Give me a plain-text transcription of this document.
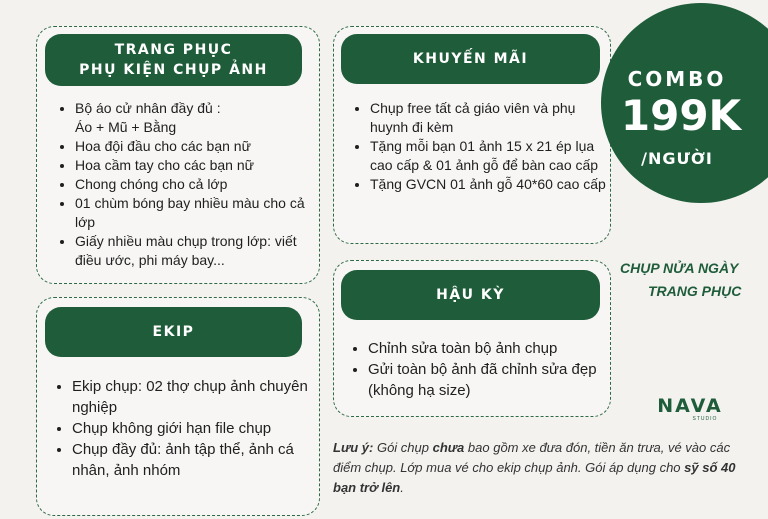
TRANG PHỤC
PHỤ KIỆN CHỤP ẢNH
• Bộ áo cử nhân đầy đủ :
Áo + Mũ + Bằng
• Hoa đội đầu cho các bạn nữ
• Hoa cầm tay cho các bạn nữ
• Chong chóng cho cả lớp
• 01 chùm bóng bay nhiều màu cho cả lớp
• Giấy nhiều màu chụp trong lớp: viết điều ước, phi máy bay...
KHUYẾN MÃI
• Chụp free tất cả giáo viên và phụ huynh đi kèm
• Tặng mỗi bạn 01 ảnh 15 x 21 ép lụa cao cấp & 01 ảnh gỗ để bàn cao cấp
• Tặng GVCN 01 ảnh gỗ 40*60 cao cấp
EKIP
• Ekip chụp: 02 thợ chụp ảnh chuyên nghiệp
• Chụp không giới hạn file chụp
• Chụp đầy đủ: ảnh tập thể, ảnh cá nhân, ảnh nhóm
HẬU KỲ
• Chỉnh sửa toàn bộ ảnh chụp
• Gửi toàn bộ ảnh đã chỉnh sửa đẹp (không hạ size)
COMBO
199K
/NGƯỜI
CHỤP NỬA NGÀY
TRANG PHỤC
NAVA
STUDIO
Lưu ý: Gói chụp chưa bao gồm xe đưa đón, tiền ăn trưa, vé vào các điểm chụp. Lớp mua vé cho ekip chụp ảnh. Gói áp dụng cho sỹ số 40 bạn trở lên.
